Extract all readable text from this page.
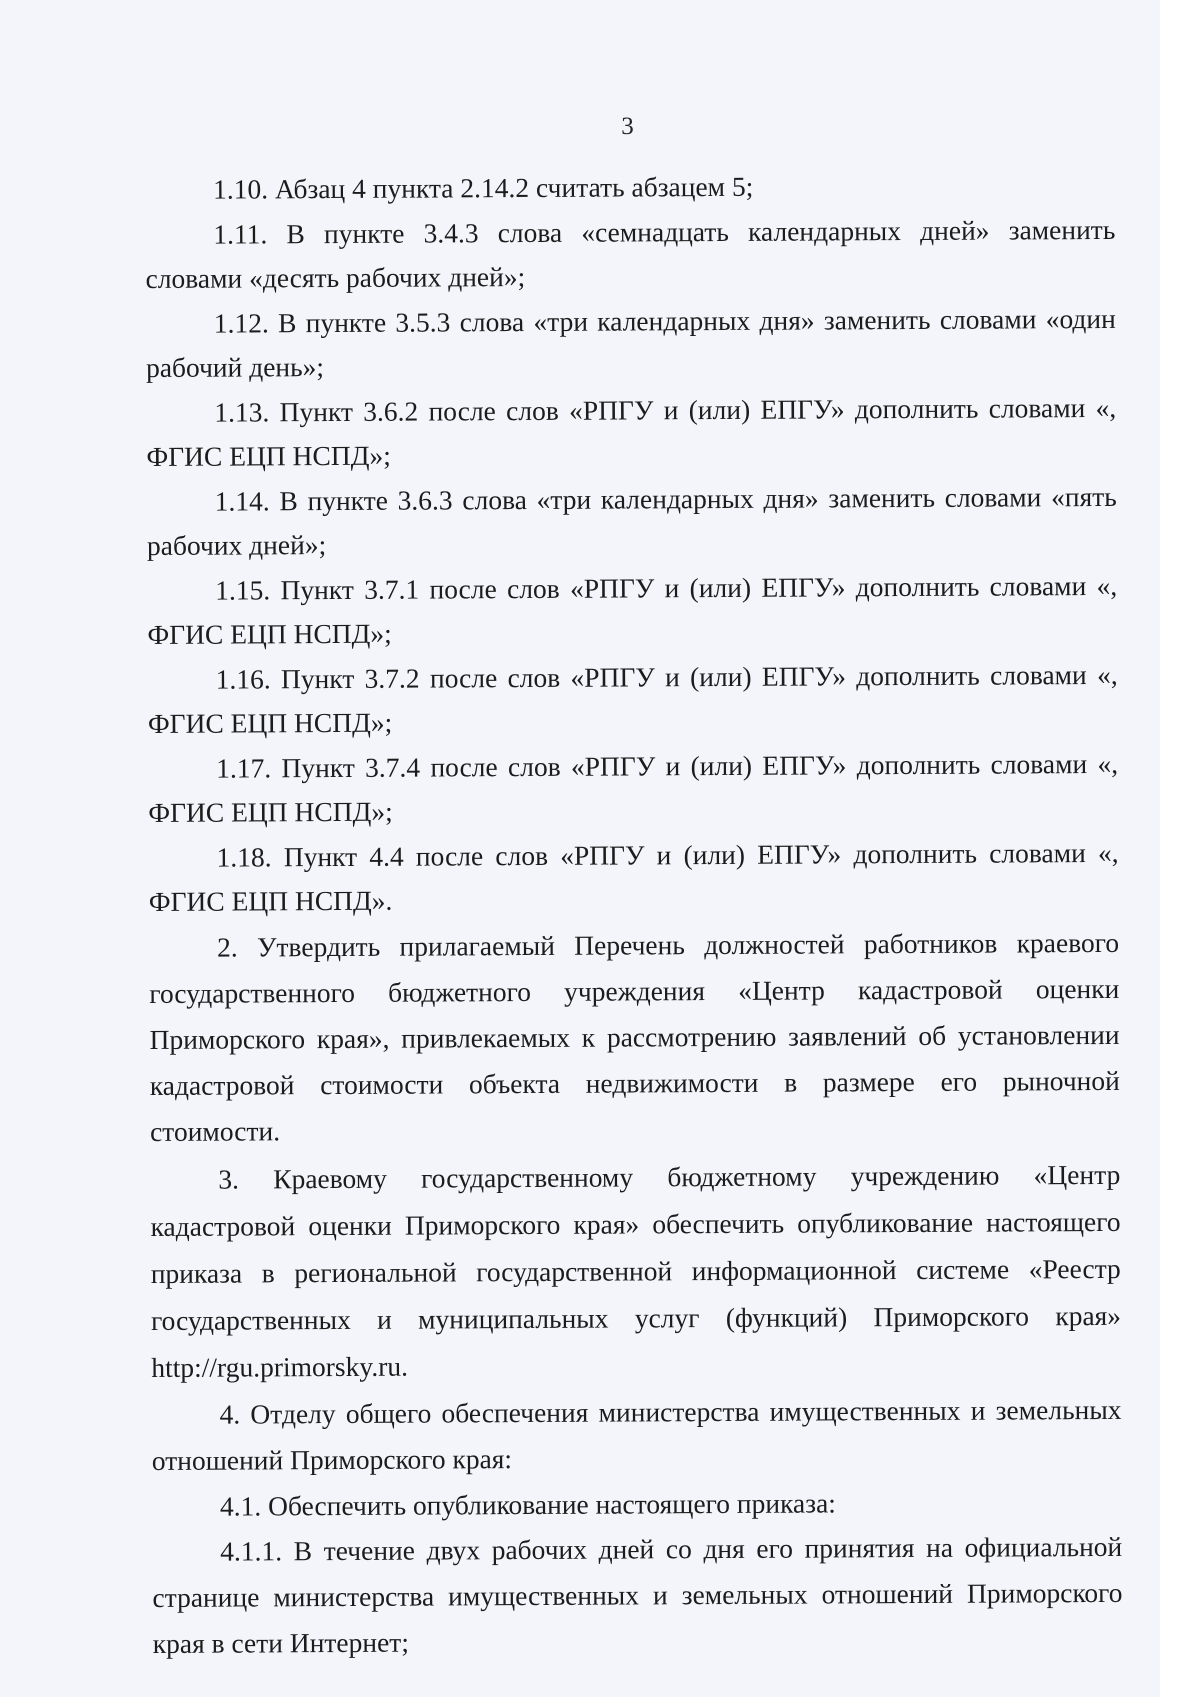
3

1.10. Абзац 4 пункта 2.14.2 считать абзацем 5;

1.11. В пункте 3.4.3 слова «семнадцать календарных дней» заменить словами «десять рабочих дней»;

1.12. В пункте 3.5.3 слова «три календарных дня» заменить словами «один рабочий день»;

1.13. Пункт 3.6.2 после слов «РПГУ и (или) ЕПГУ» дополнить словами «, ФГИС ЕЦП НСПД»;

1.14. В пункте 3.6.3 слова «три календарных дня» заменить словами «пять рабочих дней»;

1.15. Пункт 3.7.1 после слов «РПГУ и (или) ЕПГУ» дополнить словами «, ФГИС ЕЦП НСПД»;

1.16. Пункт 3.7.2 после слов «РПГУ и (или) ЕПГУ» дополнить словами «, ФГИС ЕЦП НСПД»;

1.17. Пункт 3.7.4 после слов «РПГУ и (или) ЕПГУ» дополнить словами «, ФГИС ЕЦП НСПД»;

1.18. Пункт 4.4 после слов «РПГУ и (или) ЕПГУ» дополнить словами «, ФГИС ЕЦП НСПД».

2. Утвердить прилагаемый Перечень должностей работников краевого государственного бюджетного учреждения «Центр кадастровой оценки Приморского края», привлекаемых к рассмотрению заявлений об установлении кадастровой стоимости объекта недвижимости в размере его рыночной стоимости.

3. Краевому государственному бюджетному учреждению «Центр кадастровой оценки Приморского края» обеспечить опубликование настоящего приказа в региональной государственной информационной системе «Реестр государственных и муниципальных услуг (функций) Приморского края» http://rgu.primorsky.ru.

4. Отделу общего обеспечения министерства имущественных и земельных отношений Приморского края:

4.1. Обеспечить опубликование настоящего приказа:

4.1.1. В течение двух рабочих дней со дня его принятия на официальной странице министерства имущественных и земельных отношений Приморского края в сети Интернет;
